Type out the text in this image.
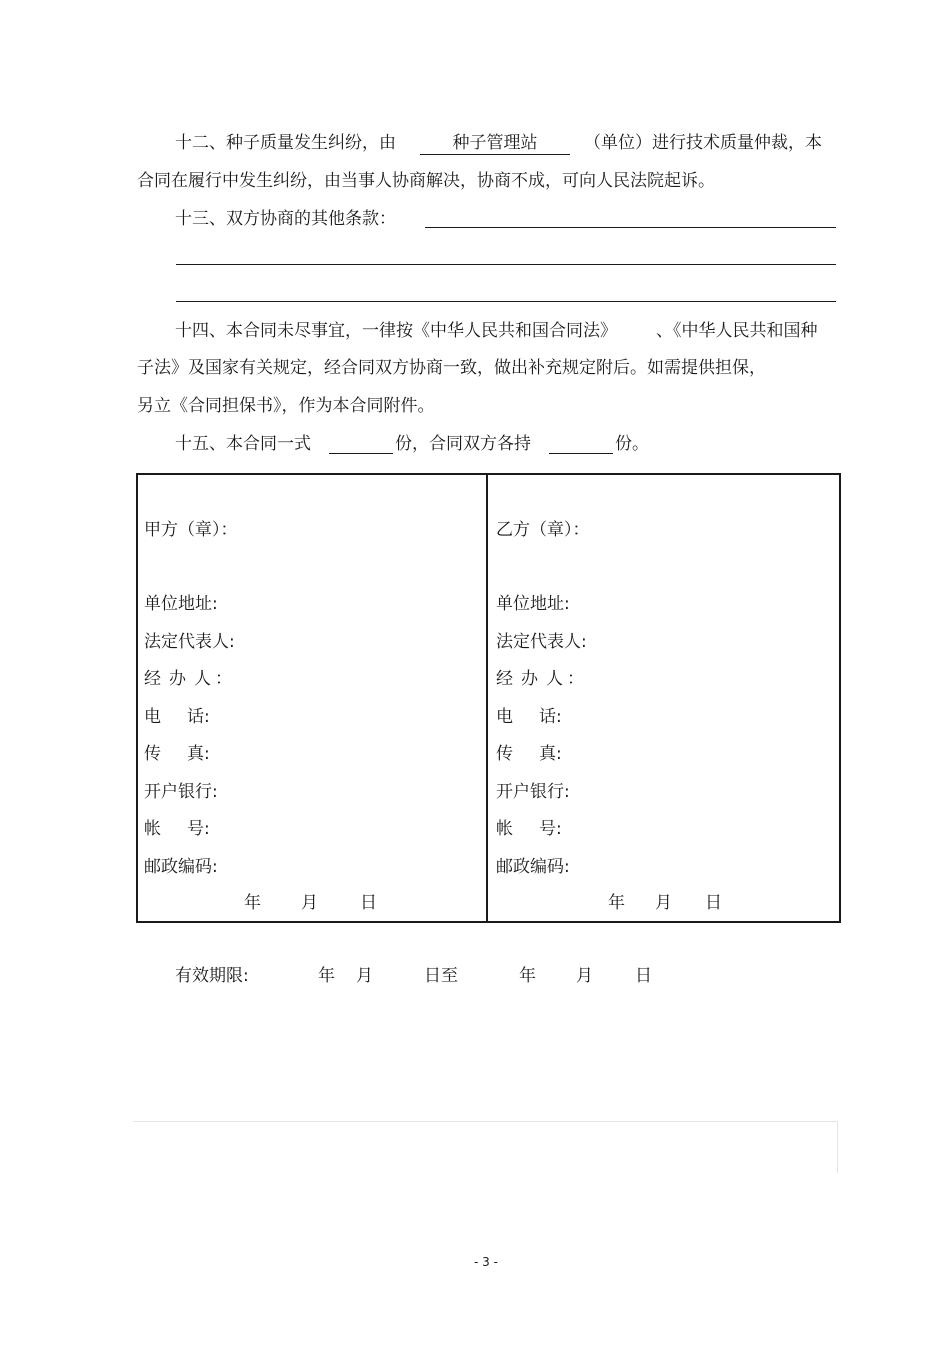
十二、种子质量发生纠纷，由	种子管理站	（单位）进行技术质量仲裁，本
合同在履行中发生纠纷，由当事人协商解决，协商不成，可向人民法院起诉。
十三、双方协商的其他条款：
十四、本合同未尽事宜，一律按《中华人民共和国合同法》 、《中华人民共和国种
子法》及国家有关规定，经合同双方协商一致，做出补充规定附后。如需提供担保，
另立《合同担保书》，作为本合同附件。
十五、本合同一式	份，合同双方各持	份。
甲方（章）：
单位地址:
法定代表人:
经 办 人 ：
电 话:
传 真:
开户银行:
帐 号:
邮政编码:
年 月 日
乙方（章）：
单位地址:
法定代表人:
经 办 人 ：
电 话:
传 真:
开户银行:
帐 号:
邮政编码:
年 月 日
有效期限:	年 月	日至	年 月 日
- 3 -
